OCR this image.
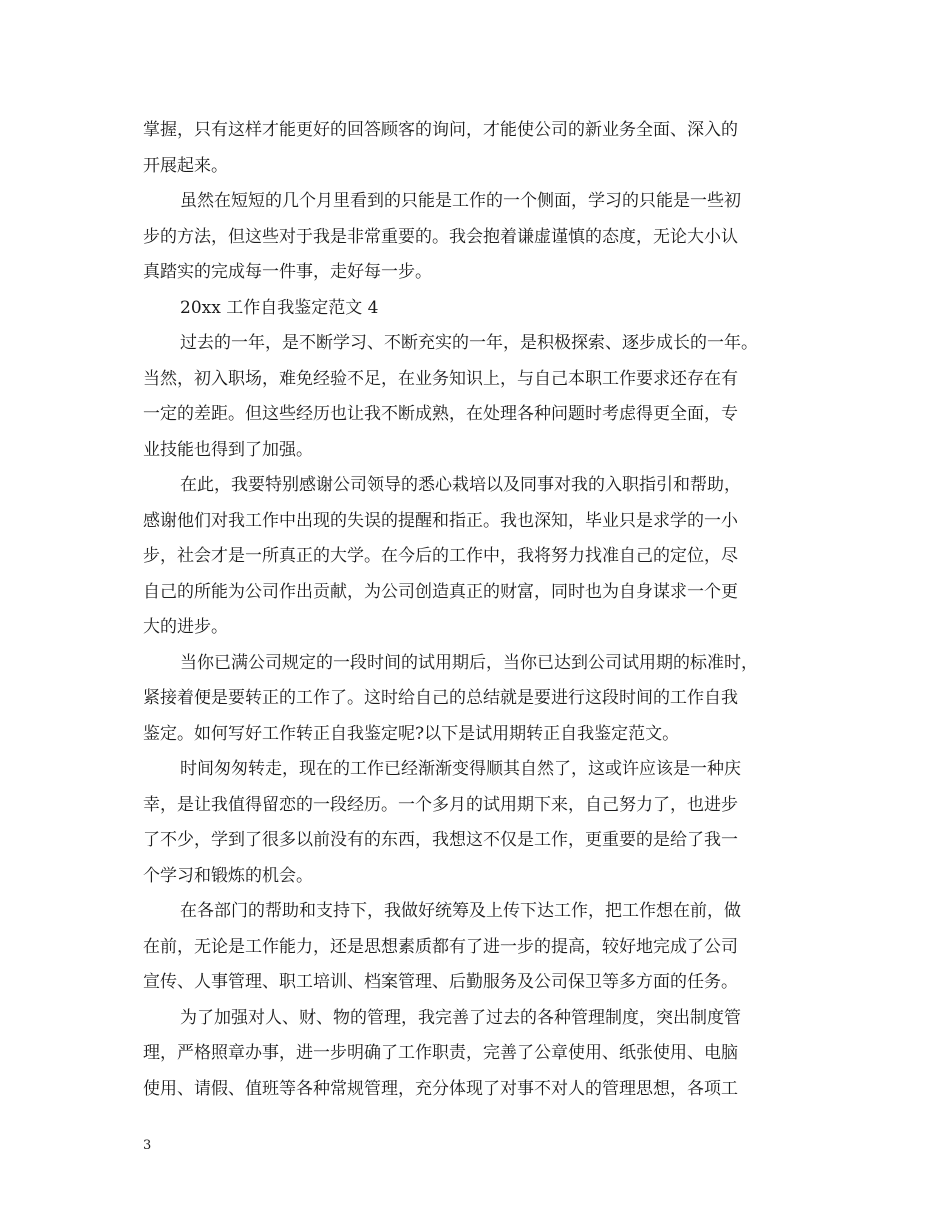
掌握，只有这样才能更好的回答顾客的询问，才能使公司的新业务全面、深入的
开展起来。
虽然在短短的几个月里看到的只能是工作的一个侧面，学习的只能是一些初
步的方法，但这些对于我是非常重要的。我会抱着谦虚谨慎的态度，无论大小认
真踏实的完成每一件事，走好每一步。
20xx 工作自我鉴定范文 4
过去的一年，是不断学习、不断充实的一年，是积极探索、逐步成长的一年。
当然，初入职场，难免经验不足，在业务知识上，与自己本职工作要求还存在有
一定的差距。但这些经历也让我不断成熟，在处理各种问题时考虑得更全面，专
业技能也得到了加强。
在此，我要特别感谢公司领导的悉心栽培以及同事对我的入职指引和帮助，
感谢他们对我工作中出现的失误的提醒和指正。我也深知，毕业只是求学的一小
步，社会才是一所真正的大学。在今后的工作中，我将努力找准自己的定位，尽
自己的所能为公司作出贡献，为公司创造真正的财富，同时也为自身谋求一个更
大的进步。
当你已满公司规定的一段时间的试用期后，当你已达到公司试用期的标准时，
紧接着便是要转正的工作了。这时给自己的总结就是要进行这段时间的工作自我
鉴定。如何写好工作转正自我鉴定呢?以下是试用期转正自我鉴定范文。
时间匆匆转走，现在的工作已经渐渐变得顺其自然了，这或许应该是一种庆
幸，是让我值得留恋的一段经历。一个多月的试用期下来，自己努力了，也进步
了不少，学到了很多以前没有的东西，我想这不仅是工作，更重要的是给了我一
个学习和锻炼的机会。
在各部门的帮助和支持下，我做好统筹及上传下达工作，把工作想在前，做
在前，无论是工作能力，还是思想素质都有了进一步的提高，较好地完成了公司
宣传、人事管理、职工培训、档案管理、后勤服务及公司保卫等多方面的任务。
为了加强对人、财、物的管理，我完善了过去的各种管理制度，突出制度管
理，严格照章办事，进一步明确了工作职责，完善了公章使用、纸张使用、电脑
使用、请假、值班等各种常规管理，充分体现了对事不对人的管理思想，各项工
3
